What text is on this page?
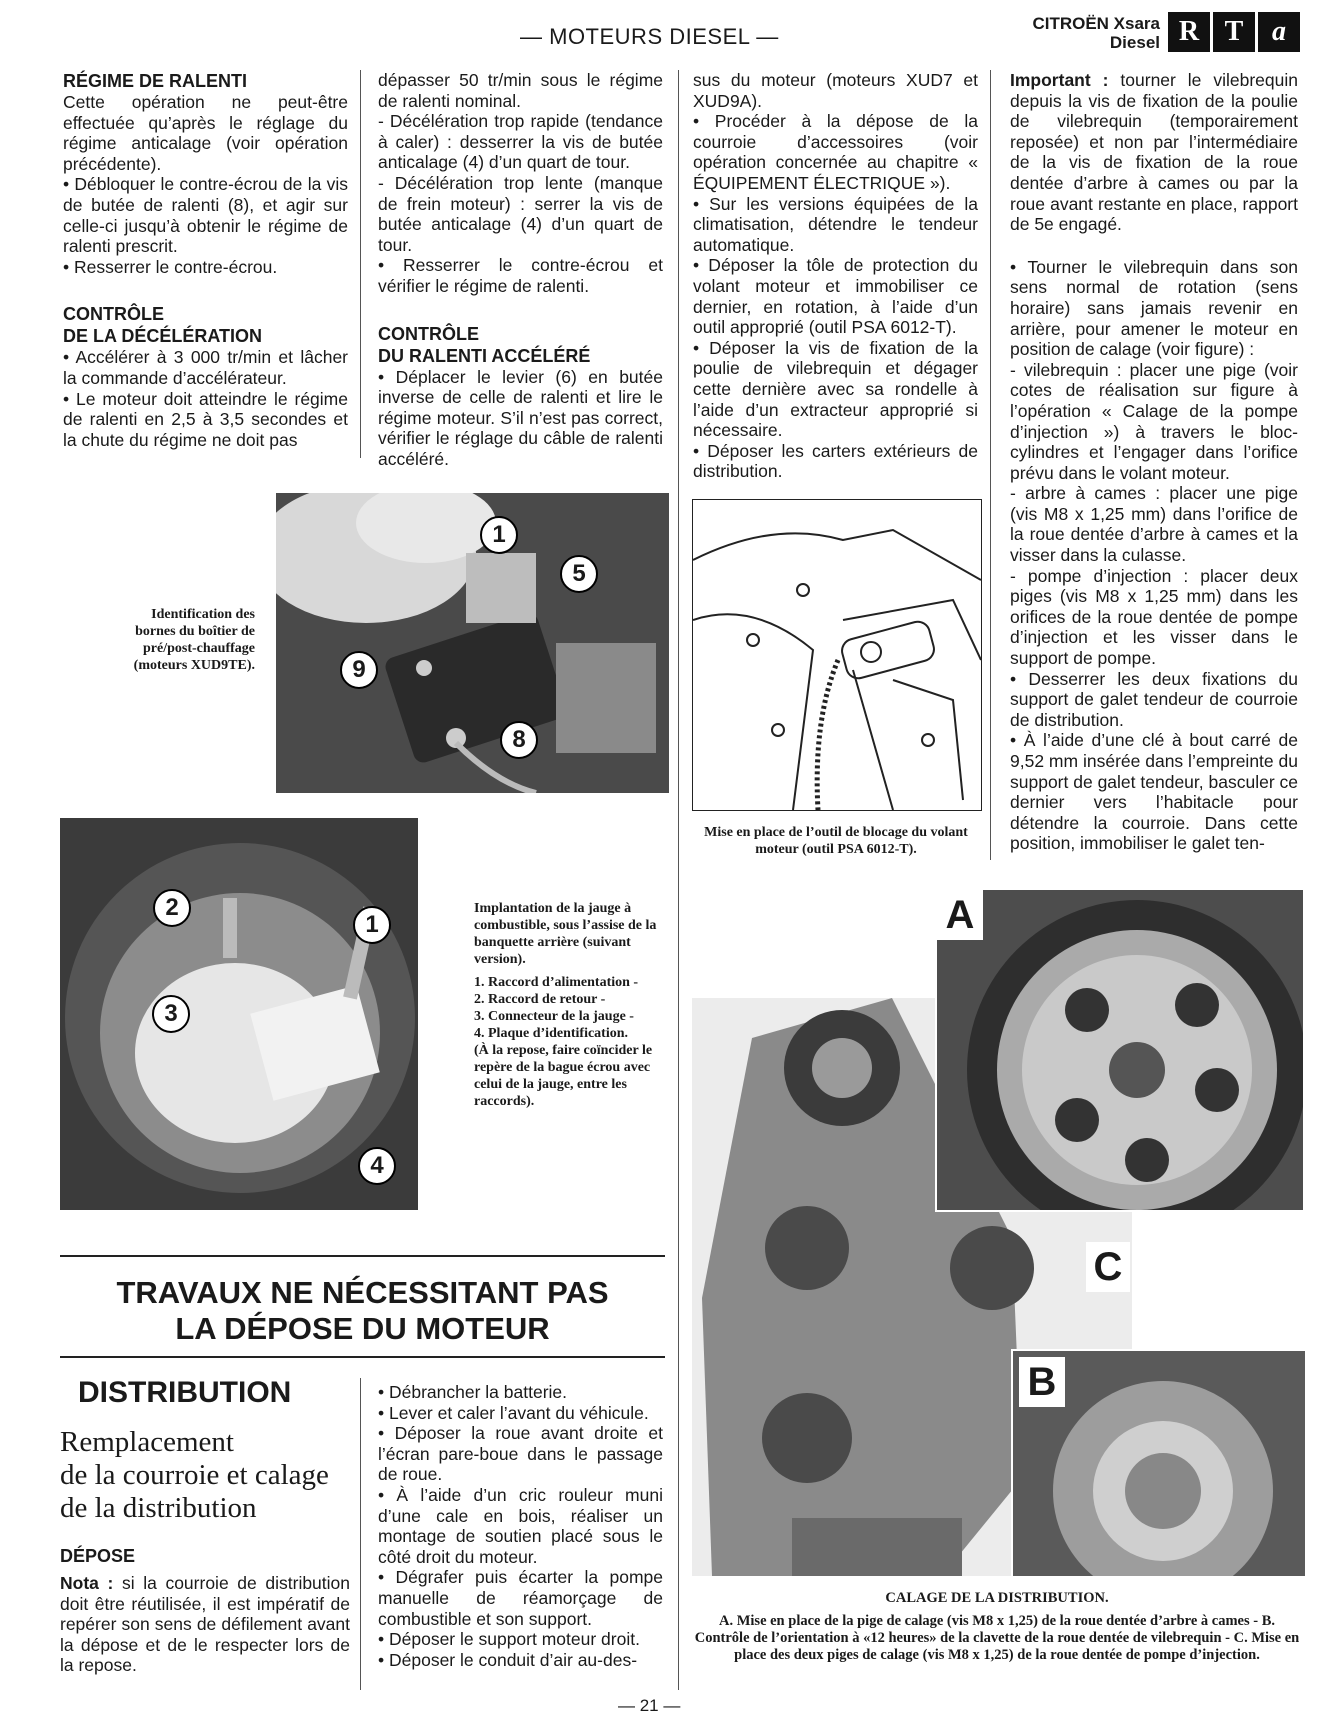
— MOTEURS DIESEL —
CITROËN Xsara
Diesel R T	a

RÉGIME DE RALENTI

Cette opération ne peut-être effectuée qu’après le réglage du régime anticalage (voir opération précédente).

• Débloquer le contre-écrou de la vis de butée de ralenti (8), et agir sur celle-ci jusqu’à obtenir le régime de ralenti prescrit.

• Resserrer le contre-écrou.

CONTRÔLE
DE LA DÉCÉLÉRATION

• Accélérer à 3 000 tr/min et lâcher la commande d’accélérateur.

• Le moteur doit atteindre le régime de ralenti en 2,5 à 3,5 secondes et la chute du régime ne doit pas

dépasser 50 tr/min sous le régime de ralenti nominal.

- Décélération trop rapide (tendance à caler) : desserrer la vis de butée anticalage (4) d’un quart de tour.

- Décélération trop lente (manque de frein moteur) : serrer la vis de butée anticalage (4) d’un quart de tour.

• Resserrer le contre-écrou et vérifier le régime de ralenti.

CONTRÔLE
DU RALENTI ACCÉLÉRÉ

• Déplacer le levier (6) en butée inverse de celle de ralenti et lire le régime moteur. S’il n’est pas correct, vérifier le réglage du câble de ralenti accéléré.

sus du moteur (moteurs XUD7 et XUD9A).

• Procéder à la dépose de la courroie d’accessoires (voir opération concernée au chapitre « ÉQUIPEMENT ÉLECTRIQUE »).

• Sur les versions équipées de la climatisation, détendre le tendeur automatique.

• Déposer la tôle de protection du volant moteur et immobiliser ce dernier, en rotation, à l’aide d’un outil approprié (outil PSA 6012-T).

• Déposer la vis de fixation de la poulie de vilebrequin et dégager cette dernière avec sa rondelle à l’aide d’un extracteur approprié si nécessaire.

• Déposer les carters extérieurs de distribution.

Important : tourner le vilebrequin depuis la vis de fixation de la poulie de vilebrequin (temporairement reposée) et non par l’intermédiaire de la vis de fixation de la roue dentée d’arbre à cames ou par la roue avant restante en place, rapport de 5e engagé.

• Tourner le vilebrequin dans son sens normal de rotation (sens horaire) sans jamais revenir en arrière, pour amener le moteur en position de calage (voir figure) :

- vilebrequin : placer une pige (voir cotes de réalisation sur figure à l’opération « Calage de la pompe d’injection ») à travers le bloc-cylindres et l’engager dans l’orifice prévu dans le volant moteur.

- arbre à cames : placer une pige (vis M8 x 1,25 mm) dans l’orifice de la roue dentée d’arbre à cames et la visser dans la culasse.

- pompe d’injection : placer deux piges (vis M8 x 1,25 mm) dans les orifices de la roue dentée de pompe d’injection et les visser dans le support de pompe.

• Desserrer les deux fixations du support de galet tendeur de courroie de distribution.

• À l’aide d’une clé à bout carré de 9,52 mm insérée dans l’empreinte du support de galet tendeur, basculer ce dernier vers l’habitacle pour détendre la courroie. Dans cette position, immobiliser le galet ten-

Identification des bornes du boîtier de pré/post-chauffage (moteurs XUD9TE).
1
5
9
8
2
1
3
4
Implantation de la jauge à combustible, sous l’assise de la banquette arrière (suivant version).
1. Raccord d’alimentation -
2. Raccord de retour -
3. Connecteur de la jauge -
4. Plaque d’identification.
(À la repose, faire coïncider le repère de la bague écrou avec celui de la jauge, entre les raccords).
Mise en place de l’outil de blocage du volant moteur (outil PSA 6012-T).
A
B
C
CALAGE DE LA DISTRIBUTION.
A. Mise en place de la pige de calage (vis M8 x 1,25) de la roue dentée d’arbre à cames - B. Contrôle de l’orientation à «12 heures» de la clavette de la roue dentée de vilebrequin - C. Mise en place des deux piges de calage (vis M8 x 1,25) de la roue dentée de pompe d’injection.
TRAVAUX NE NÉCESSITANT PAS
LA DÉPOSE DU MOTEUR
DISTRIBUTION
Remplacement
de la courroie et calage
de la distribution

DÉPOSE

Nota : si la courroie de distribution doit être réutilisée, il est impératif de repérer son sens de défilement avant la dépose et de le respecter lors de la repose.

• Débrancher la batterie.

• Lever et caler l’avant du véhicule.

• Déposer la roue avant droite et l’écran pare-boue dans le passage de roue.

• À l’aide d’un cric rouleur muni d’une cale en bois, réaliser un montage de soutien placé sous le côté droit du moteur.

• Dégrafer puis écarter la pompe manuelle de réamorçage de combustible et son support.

• Déposer le support moteur droit.

• Déposer le conduit d’air au-des-

— 21 —
